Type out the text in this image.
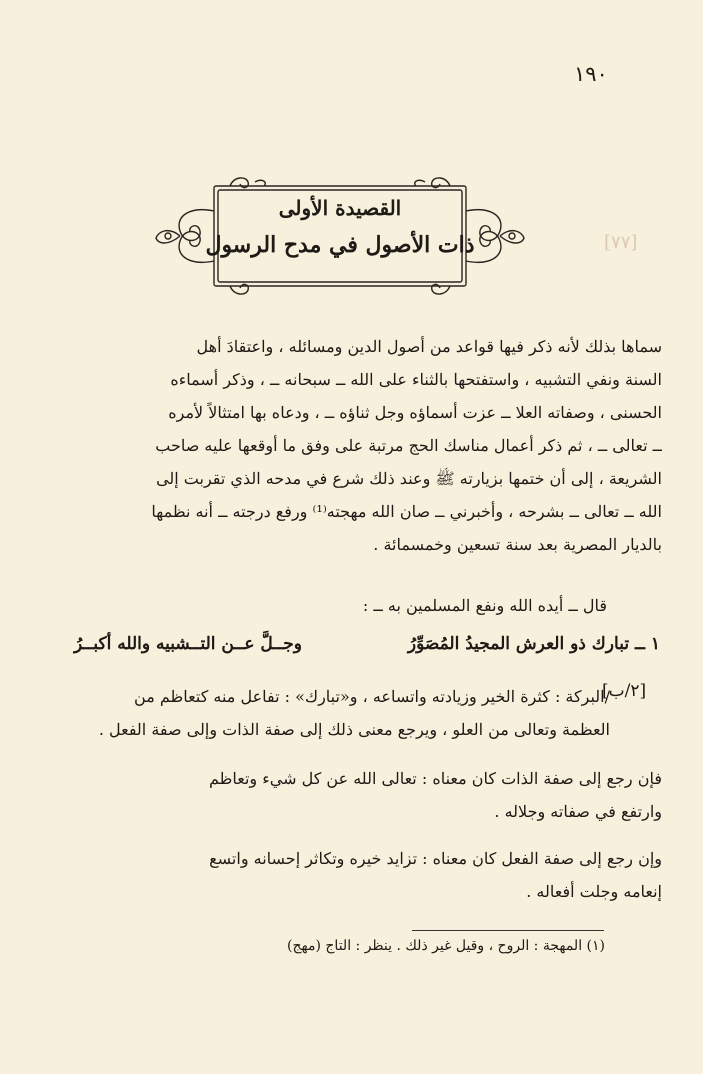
١٩٠
[٧٧]
القصيدة الأولى
ذات الأصول في مدح الرسول
سماها بذلك لأنه ذكر فيها قواعد من أصول الدين ومسائله ، واعتقادَ أهل
السنة ونفي التشبيه ، واستفتحها بالثناء على الله ــ سبحانه ــ ، وذكر أسماءه
الحسنى ، وصفاته العلا ــ عزت أسماؤه وجل ثناؤه ــ ، ودعاه بها امتثالاً لأمره
ــ تعالى ــ ، ثم ذكر أعمال مناسك الحج مرتبة على وفق ما أوقعها عليه صاحب
الشريعة ، إلى أن ختمها بزيارته ﷺ وعند ذلك شرع في مدحه الذي تقربت إلى
الله ــ تعالى ــ بشرحه ، وأخبرني ــ صان الله مهجته⁽¹⁾ ورفع درجته ــ أنه نظمها
بالديار المصرية بعد سنة تسعين وخمسمائة .
قال ــ أيده الله ونفع المسلمين به ــ :
١ ــ تبارك ذو العرش المجيدُ المُصَوِّرُ
وجــلَّ عــن التــشبيه والله أكبــرُ
[٢/ب]
/البركة : كثرة الخير وزيادته واتساعه ، و«تبارك» : تفاعل منه كتعاظم من
العظمة وتعالى من العلو ، ويرجع معنى ذلك إلى صفة الذات وإلى صفة الفعل .
فإن رجع إلى صفة الذات كان معناه : تعالى الله عن كل شيء وتعاظم
وارتفع في صفاته وجلاله .
وإن رجع إلى صفة الفعل كان معناه : تزايد خيره وتكاثر إحسانه واتسع
إنعامه وجلت أفعاله .
(١) المهجة : الروح ، وقيل غير ذلك . ينظر : التاج (مهج)
